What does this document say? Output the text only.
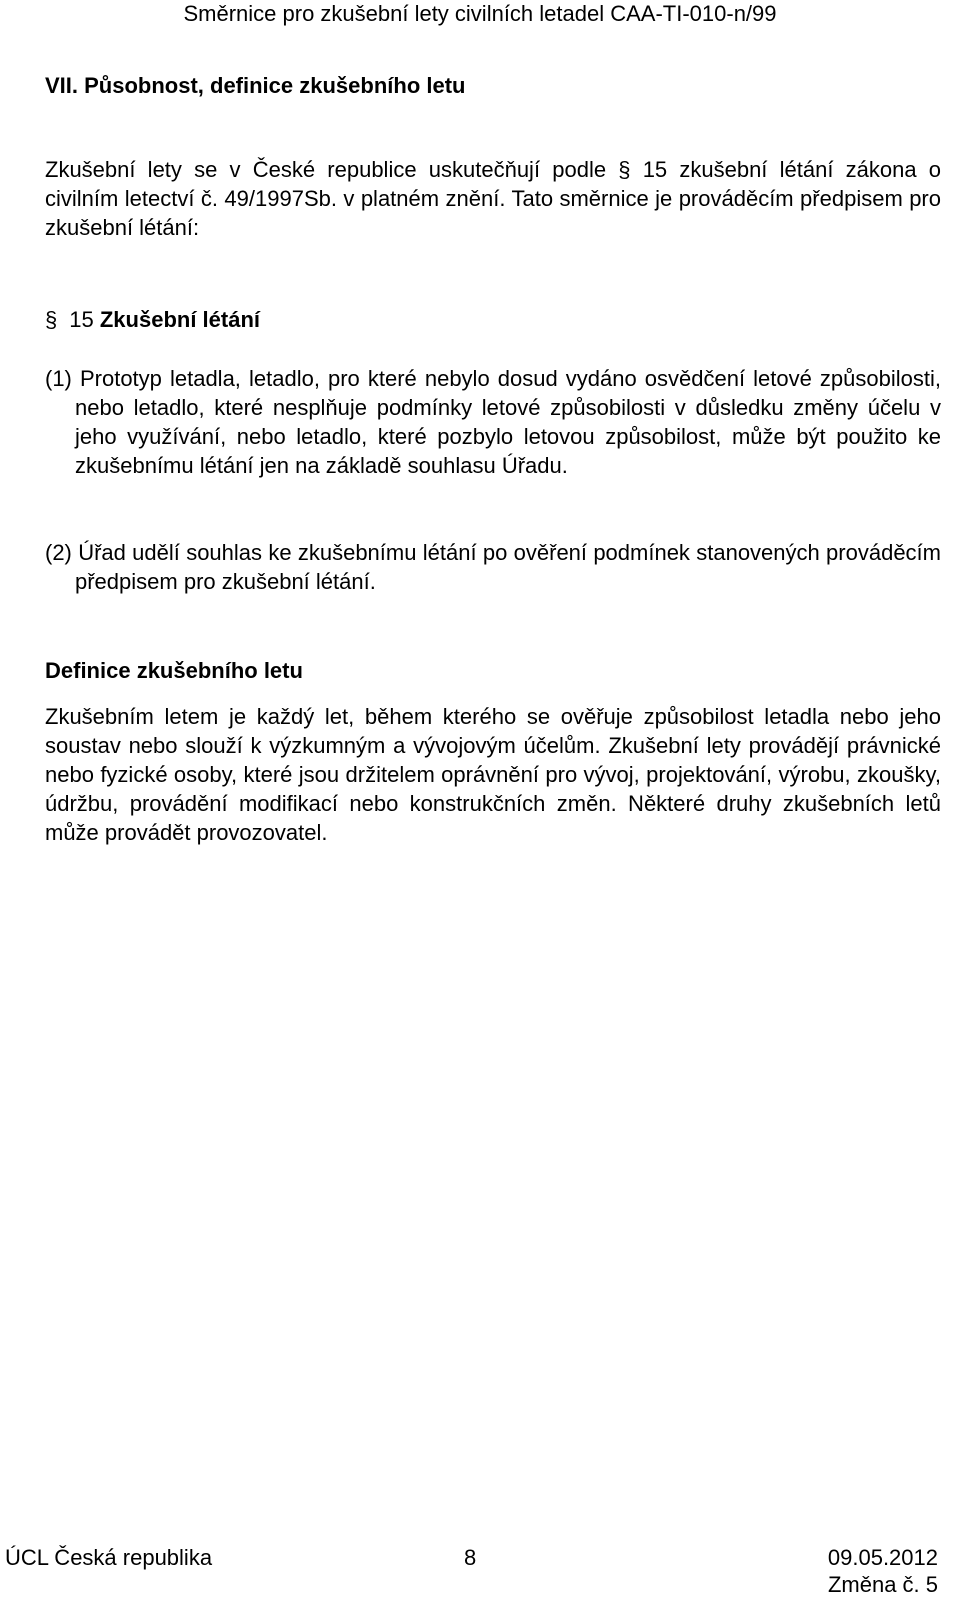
Směrnice pro zkušební lety civilních letadel CAA-TI-010-n/99
VII. Působnost, definice zkušebního letu
Zkušební lety se v České republice uskutečňují podle § 15 zkušební létání zákona o civilním letectví č. 49/1997Sb. v platném znění. Tato směrnice je prováděcím předpisem pro zkušební létání:
§ 15 Zkušební létání
(1) Prototyp letadla, letadlo, pro které nebylo dosud vydáno osvědčení letové způsobilosti, nebo letadlo, které nesplňuje podmínky letové způsobilosti v důsledku změny účelu v jeho využívání, nebo letadlo, které pozbylo letovou způsobilost, může být použito ke zkušebnímu létání jen na základě souhlasu Úřadu.
(2) Úřad udělí souhlas ke zkušebnímu létání po ověření podmínek stanovených prováděcím předpisem pro zkušební létání.
Definice zkušebního letu
Zkušebním letem je každý let, během kterého se ověřuje způsobilost letadla nebo jeho soustav nebo slouží k výzkumným a vývojovým účelům. Zkušební lety provádějí právnické nebo fyzické osoby, které jsou držitelem oprávnění pro vývoj, projektování, výrobu, zkoušky, údržbu, provádění modifikací nebo konstrukčních změn. Některé druhy zkušebních letů může provádět provozovatel.
ÚCL Česká republika	8	09.05.2012
Změna č. 5
